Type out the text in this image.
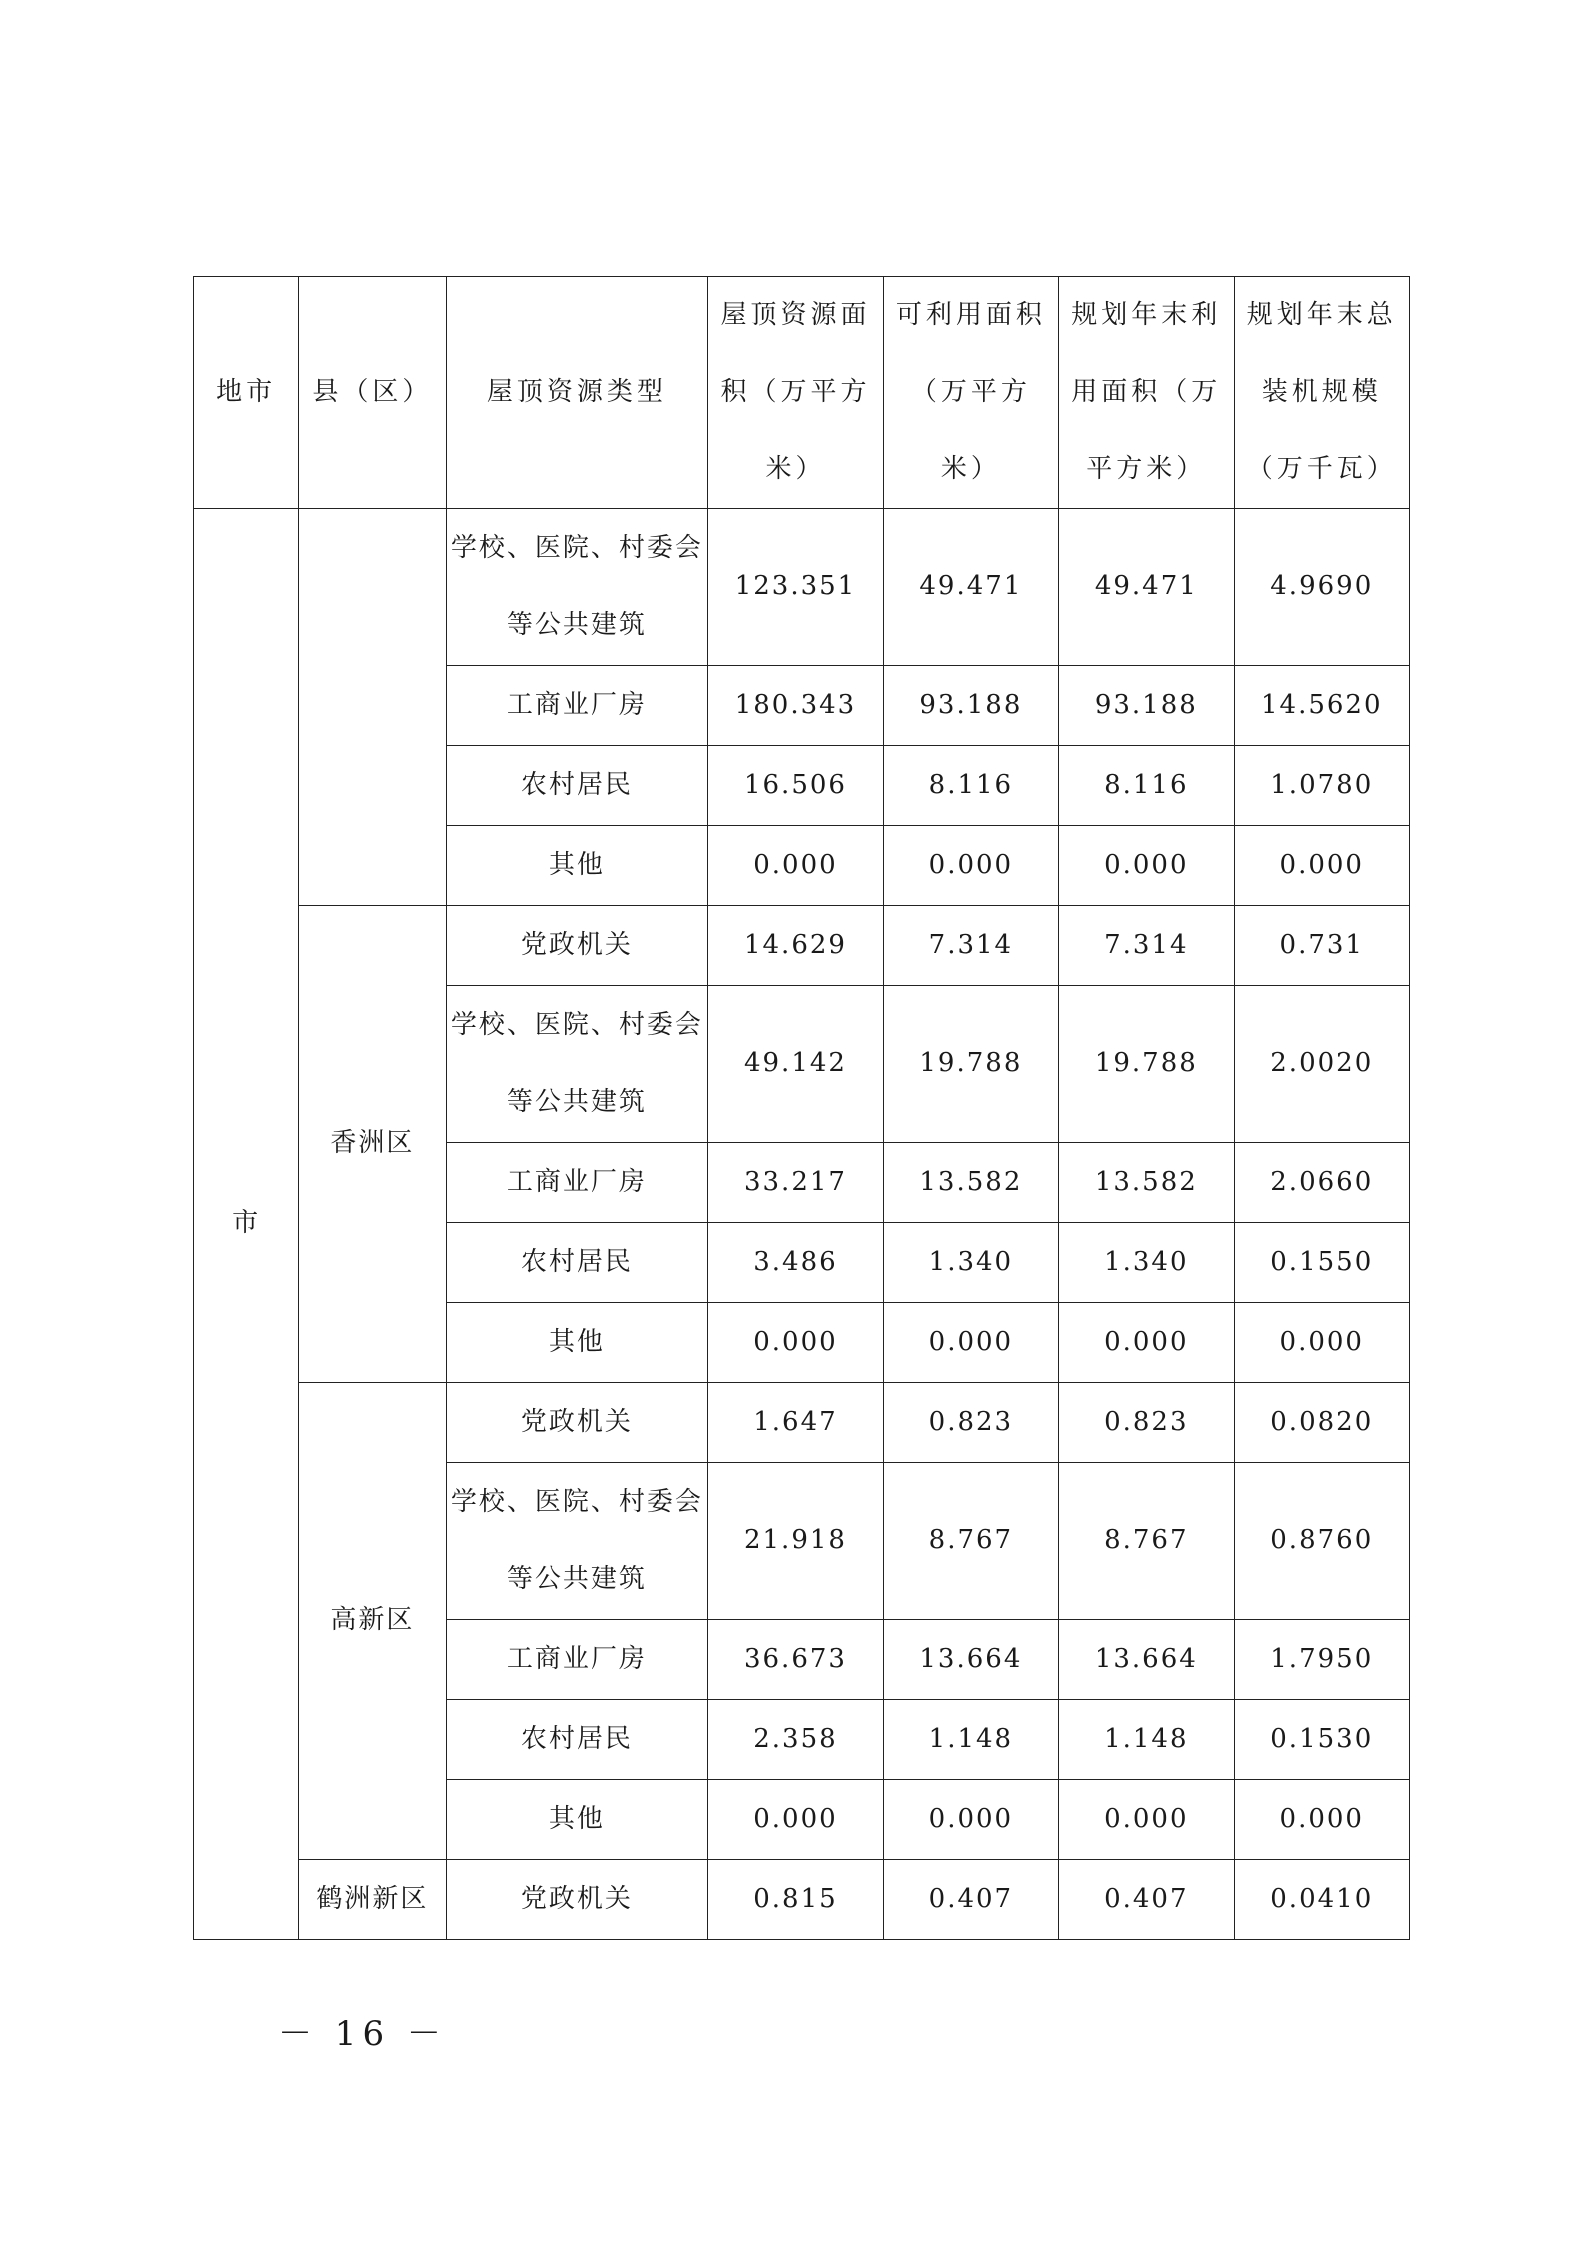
地市	县（区）	屋顶资源类型	屋顶资源面积（万平方米）	可利用面积（万平方米）	规划年末利用面积（万平方米）	规划年末总装机规模（万千瓦）
市		学校、医院、村委会等公共建筑	123.351	49.471	49.471	4.9690
		工商业厂房	180.343	93.188	93.188	14.5620
		农村居民	16.506	8.116	8.116	1.0780
		其他	0.000	0.000	0.000	0.000
	香洲区	党政机关	14.629	7.314	7.314	0.731
		学校、医院、村委会等公共建筑	49.142	19.788	19.788	2.0020
		工商业厂房	33.217	13.582	13.582	2.0660
		农村居民	3.486	1.340	1.340	0.1550
		其他	0.000	0.000	0.000	0.000
	高新区	党政机关	1.647	0.823	0.823	0.0820
		学校、医院、村委会等公共建筑	21.918	8.767	8.767	0.8760
		工商业厂房	36.673	13.664	13.664	1.7950
		农村居民	2.358	1.148	1.148	0.1530
		其他	0.000	0.000	0.000	0.000
	鹤洲新区	党政机关	0.815	0.407	0.407	0.0410
－ 16 －
